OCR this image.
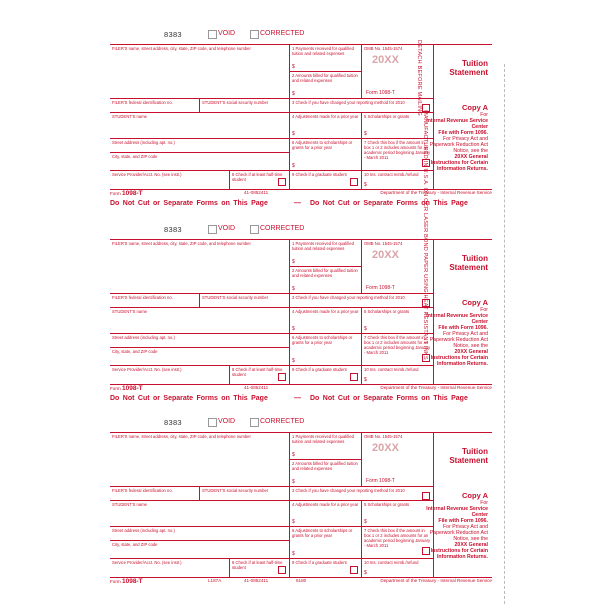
8383	VOID	CORRECTED
FILER'S name, street address, city, state, ZIP code, and telephone number	1 Payments received for qualified tuition and related expenses
$
2 Amounts billed for qualified tuition and related expenses
$
OMB No. 1545-1574
20XX
Form 1098-T
Tuition Statement
FILER'S federal identification no.	STUDENT'S social security number	3 Check if you have changed your reporting method for 2010
STUDENT'S name	4 Adjustments made for a prior year
$
5 Scholarships or grants
$
Street address (including apt. no.)	6 Adjustments to scholarships or grants for a prior year
$
7 Check this box if the amount in box 1 or 2 includes amounts for an academic period beginning January - March 2011
City, state, and ZIP code
Service Provider/Acct. No. (see instr.)	8 Check if at least half-time student
9 Check if a graduate student	10 Ins. contract reimb./refund
$
Copy A
For
Internal Revenue Service Center
File with Form 1096.
For Privacy Act and Paperwork Reduction Act Notice, see the
20XX General Instructions for Certain Information Returns.
Form 1098-T	41-0852411	Department of the Treasury - Internal Revenue Service
Do Not Cut or Separate Forms on This Page	— Do Not Cut or Separate Forms on This Page
8383	VOID	CORRECTED
FILER'S name, street address, city, state, ZIP code, and telephone number	1 Payments received for qualified tuition and related expenses
$
2 Amounts billed for qualified tuition and related expenses
$
OMB No. 1545-1574
20XX
Form 1098-T
Tuition Statement
FILER'S federal identification no.	STUDENT'S social security number	3 Check if you have changed your reporting method for 2010
STUDENT'S name	4 Adjustments made for a prior year
$
5 Scholarships or grants
$
Street address (including apt. no.)	6 Adjustments to scholarships or grants for a prior year
$
7 Check this box if the amount in box 1 or 2 includes amounts for an academic period beginning January - March 2011
City, state, and ZIP code
Service Provider/Acct. No. (see instr.)	8 Check if at least half-time student
9 Check if a graduate student	10 Ins. contract reimb./refund
$
Copy A
For
Internal Revenue Service Center
File with Form 1096.
For Privacy Act and Paperwork Reduction Act Notice, see the
20XX General Instructions for Certain Information Returns.
Form 1098-T	41-0852411	Department of the Treasury - Internal Revenue Service
Do Not Cut or Separate Forms on This Page	— Do Not Cut or Separate Forms on This Page
8383	VOID	CORRECTED
FILER'S name, street address, city, state, ZIP code, and telephone number	1 Payments received for qualified tuition and related expenses
$
2 Amounts billed for qualified tuition and related expenses
$
OMB No. 1545-1574
20XX
Form 1098-T
Tuition Statement
FILER'S federal identification no.	STUDENT'S social security number	3 Check if you have changed your reporting method for 2010
STUDENT'S name	4 Adjustments made for a prior year
$
5 Scholarships or grants
$
Street address (including apt. no.)	6 Adjustments to scholarships or grants for a prior year
$
7 Check this box if the amount in box 1 or 2 includes amounts for an academic period beginning January - March 2011
City, state, and ZIP code
Service Provider/Acct. No. (see instr.)	8 Check if at least half-time student
9 Check if a graduate student	10 Ins. contract reimb./refund
$
Copy A
For
Internal Revenue Service Center
File with Form 1096.
For Privacy Act and Paperwork Reduction Act Notice, see the
20XX General Instructions for Certain Information Returns.
Form 1098-T	L187A	41-0852411	5180	Department of the Treasury - Internal Revenue Service
DETACH BEFORE MAILING
MANUFACTURED IN U.S.A. ON OCR LASER BOND PAPER USING HEAT RESISTANT INKS
